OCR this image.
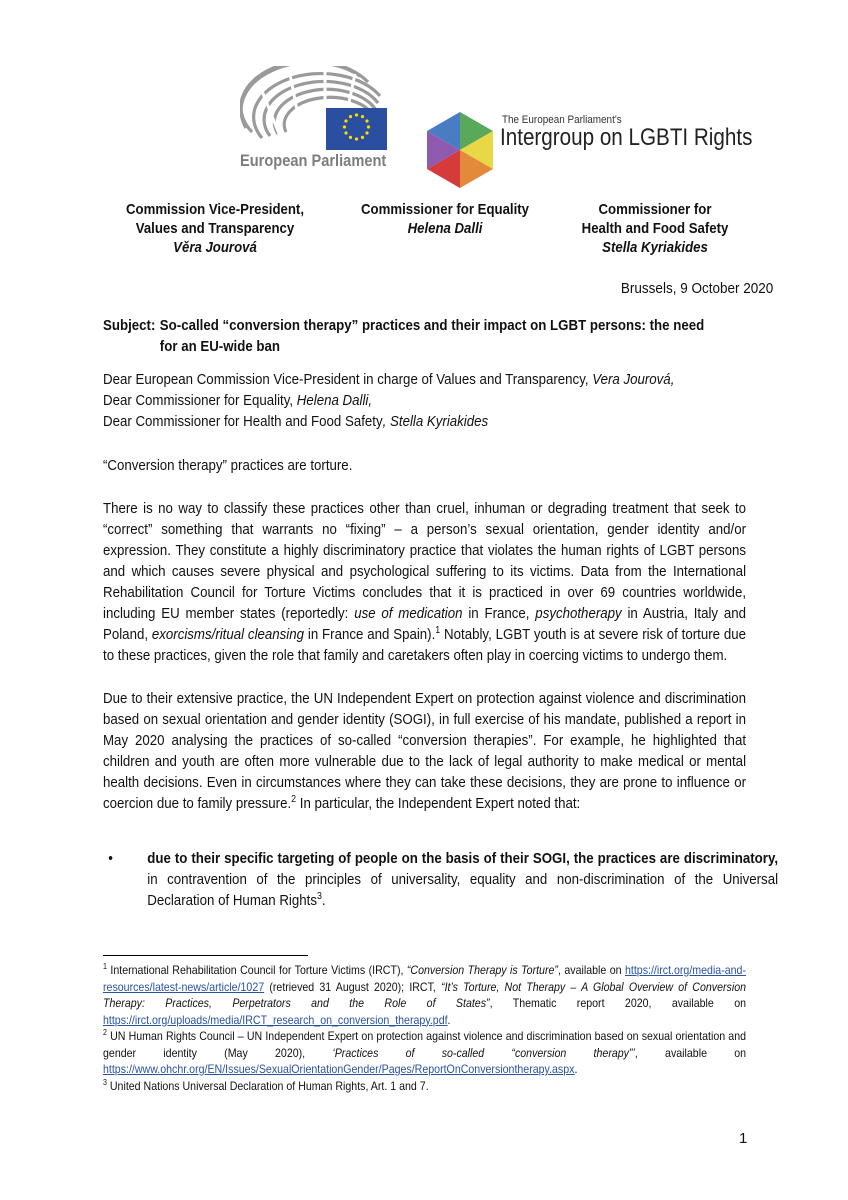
European Parliament
The European Parliament's
Intergroup on LGBTI Rights
Commission Vice-President,
Values and Transparency
Věra Jourová
Commissioner for Equality
Helena Dalli
Commissioner for
Health and Food Safety
Stella Kyriakides
Brussels, 9 October 2020
Subject: So-called “conversion therapy” practices and their impact on LGBT persons: the need
for an EU-wide ban
Dear European Commission Vice-President in charge of Values and Transparency, Vera Jourová,
Dear Commissioner for Equality, Helena Dalli,
Dear Commissioner for Health and Food Safety, Stella Kyriakides
“Conversion therapy” practices are torture.
There is no way to classify these practices other than cruel, inhuman or degrading treatment that seek to “correct” something that warrants no “fixing” – a person’s sexual orientation, gender identity and/or expression. They constitute a highly discriminatory practice that violates the human rights of LGBT persons and which causes severe physical and psychological suffering to its victims. Data from the International Rehabilitation Council for Torture Victims concludes that it is practiced in over 69 countries worldwide, including EU member states (reportedly: use of medication in France, psychotherapy in Austria, Italy and Poland, exorcisms/ritual cleansing in France and Spain).$^1$ Notably, LGBT youth is at severe risk of torture due to these practices, given the role that family and caretakers often play in coercing victims to undergo them.
Due to their extensive practice, the UN Independent Expert on protection against violence and discrimination based on sexual orientation and gender identity (SOGI), in full exercise of his mandate, published a report in May 2020 analysing the practices of so-called “conversion therapies”. For example, he highlighted that children and youth are often more vulnerable due to the lack of legal authority to make medical or mental health decisions. Even in circumstances where they can take these decisions, they are prone to influence or coercion due to family pressure.$^2$ In particular, the Independent Expert noted that:
• due to their specific targeting of people on the basis of their SOGI, the practices are discriminatory, in contravention of the principles of universality, equality and non-discrimination of the Universal Declaration of Human Rights$^3$.
$^1$ International Rehabilitation Council for Torture Victims (IRCT), “Conversion Therapy is Torture”, available on https://irct.org/media-and-resources/latest-news/article/1027 (retrieved 31 August 2020); IRCT, “It’s Torture, Not Therapy – A Global Overview of Conversion Therapy: Practices, Perpetrators and the Role of States”, Thematic report 2020, available on https://irct.org/uploads/media/IRCT_research_on_conversion_therapy.pdf.
$^2$ UN Human Rights Council – UN Independent Expert on protection against violence and discrimination based on sexual orientation and gender identity (May 2020), ‘Practices of so-called “conversion therapy”’, available on https://www.ohchr.org/EN/Issues/SexualOrientationGender/Pages/ReportOnConversiontherapy.aspx.
$^3$ United Nations Universal Declaration of Human Rights, Art. 1 and 7.
1
